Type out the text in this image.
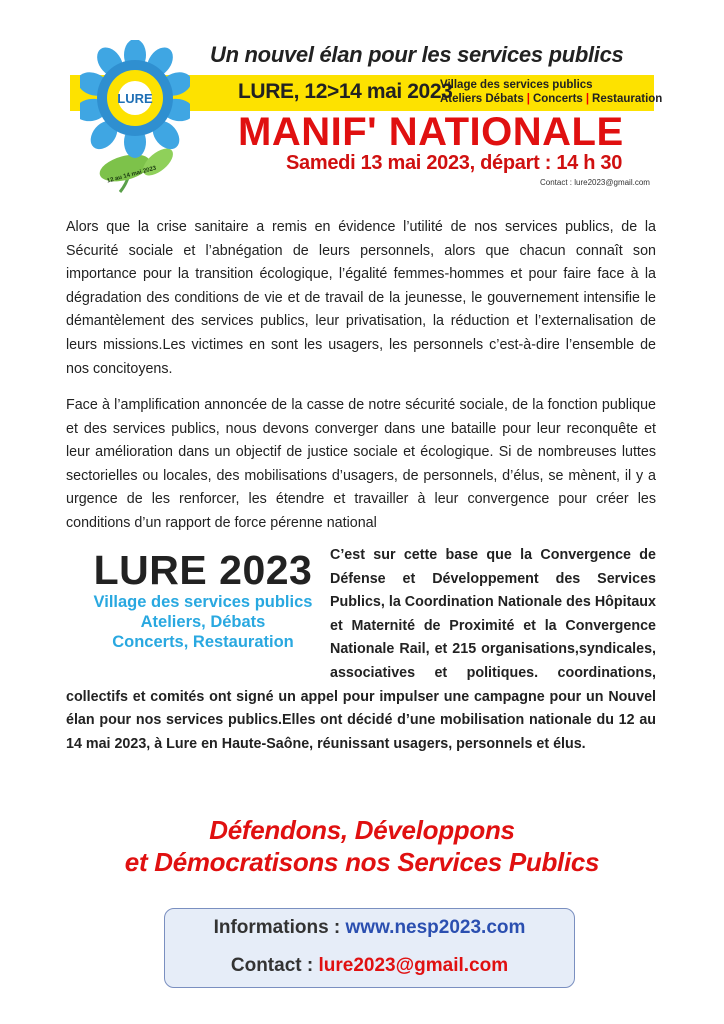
LURE
12 au 14 mai 2023
Un nouvel élan pour les services publics
LURE, 12>14 mai 2023
Village des services publics
Ateliers Débats | Concerts | Restauration
MANIF' NATIONALE
Samedi 13 mai 2023, départ : 14 h 30
Contact : lure2023@gmail.com

Alors que la crise sanitaire a remis en évidence l’utilité de nos services publics, de la Sécurité sociale et l’abnégation de leurs personnels, alors que chacun connaît son importance pour la transition écologique, l’égalité femmes-hommes et pour faire face à la dégradation des conditions de vie et de travail de la jeunesse, le gouvernement intensifie le démantèlement des services publics, leur privatisation, la réduction et l’externalisation de leurs missions.Les victimes en sont les usagers, les personnels c’est-à-dire l’ensemble de nos concitoyens.

Face à l’amplification annoncée de la casse de notre sécurité sociale, de la fonction publique et des services publics, nous devons converger dans une bataille pour leur reconquête et leur amélioration dans un objectif de justice sociale et écologique. Si de nombreuses luttes sectorielles ou locales, des mobilisations d’usagers, de personnels, d’élus, se mènent, il y a urgence de les renforcer, les étendre et travailler à leur convergence pour créer les conditions d’un rapport de force pérenne national

C’est sur cette base que la Convergence de Défense et Développement des Services Publics, la Coordination Nationale des Hôpitaux et Maternité de Proximité et la Convergence Nationale Rail, et 215 organisations,syndicales, associatives et politiques. coordinations, collectifs et comités ont signé un appel pour impulser une campagne pour un Nouvel élan pour nos services publics.Elles ont décidé d’une mobilisation nationale du 12 au 14 mai 2023, à Lure en Haute-Saône, réunissant usagers, personnels et élus.
LURE 2023
Village des services publics
Ateliers, Débats
Concerts, Restauration
Défendons, Développons
et Démocratisons nos Services Publics
Informations : www.nesp2023.com
Contact : lure2023@gmail.com
